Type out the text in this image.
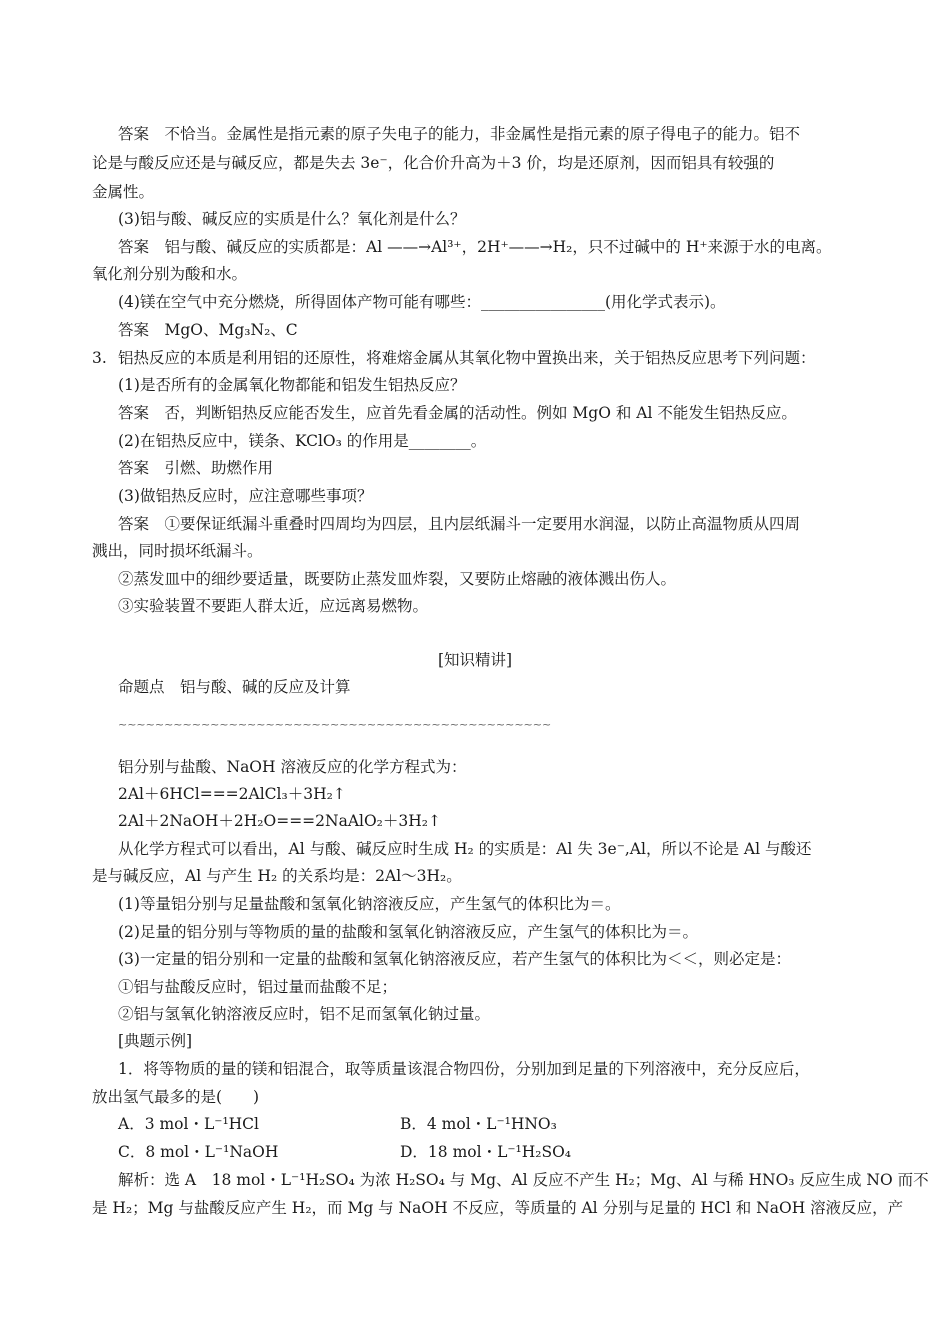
答案　不恰当。金属性是指元素的原子失电子的能力，非金属性是指元素的原子得电子的能力。铝不
论是与酸反应还是与碱反应，都是失去 3e⁻，化合价升高为＋3 价，均是还原剂，因而铝具有较强的
金属性。
(3)铝与酸、碱反应的实质是什么？氧化剂是什么？
答案　铝与酸、碱反应的实质都是：Al ——→Al³⁺，2H⁺——→H₂，只不过碱中的 H⁺来源于水的电离。
氧化剂分别为酸和水。
(4)镁在空气中充分燃烧，所得固体产物可能有哪些：________________(用化学式表示)。
答案　MgO、Mg₃N₂、C
3. 铝热反应的本质是利用铝的还原性，将难熔金属从其氧化物中置换出来，关于铝热反应思考下列问题：
(1)是否所有的金属氧化物都能和铝发生铝热反应？
答案　否，判断铝热反应能否发生，应首先看金属的活动性。例如 MgO 和 Al 不能发生铝热反应。
(2)在铝热反应中，镁条、KClO₃ 的作用是________。
答案　引燃、助燃作用
(3)做铝热反应时，应注意哪些事项？
答案　①要保证纸漏斗重叠时四周均为四层，且内层纸漏斗一定要用水润湿，以防止高温物质从四周
溅出，同时损坏纸漏斗。
②蒸发皿中的细纱要适量，既要防止蒸发皿炸裂，又要防止熔融的液体溅出伤人。
③实验装置不要距人群太近，应远离易燃物。
[知识精讲]
命题点　铝与酸、碱的反应及计算
~~~~~~~~~~~~~~~~~~~~~~~~~~~~~~~~~~~~~~~~~~~~~~~
铝分别与盐酸、NaOH 溶液反应的化学方程式为：
2Al＋6HCl===2AlCl₃＋3H₂↑
2Al＋2NaOH＋2H₂O===2NaAlO₂＋3H₂↑
从化学方程式可以看出，Al 与酸、碱反应时生成 H₂ 的实质是：Al 失 3e⁻,Al，所以不论是 Al 与酸还
是与碱反应，Al 与产生 H₂ 的关系均是：2Al～3H₂。
(1)等量铝分别与足量盐酸和氢氧化钠溶液反应，产生氢气的体积比为＝。
(2)足量的铝分别与等物质的量的盐酸和氢氧化钠溶液反应，产生氢气的体积比为＝。
(3)一定量的铝分别和一定量的盐酸和氢氧化钠溶液反应，若产生氢气的体积比为＜＜，则必定是：
①铝与盐酸反应时，铝过量而盐酸不足；
②铝与氢氧化钠溶液反应时，铝不足而氢氧化钠过量。
[典题示例]
1．将等物质的量的镁和铝混合，取等质量该混合物四份，分别加到足量的下列溶液中，充分反应后，
放出氢气最多的是(　　)
A．3 mol・L⁻¹HCl	B．4 mol・L⁻¹HNO₃
C．8 mol・L⁻¹NaOH	D．18 mol・L⁻¹H₂SO₄
解析：选 A　18 mol・L⁻¹H₂SO₄ 为浓 H₂SO₄ 与 Mg、Al 反应不产生 H₂；Mg、Al 与稀 HNO₃ 反应生成 NO 而不
是 H₂；Mg 与盐酸反应产生 H₂，而 Mg 与 NaOH 不反应，等质量的 Al 分别与足量的 HCl 和 NaOH 溶液反应，产
